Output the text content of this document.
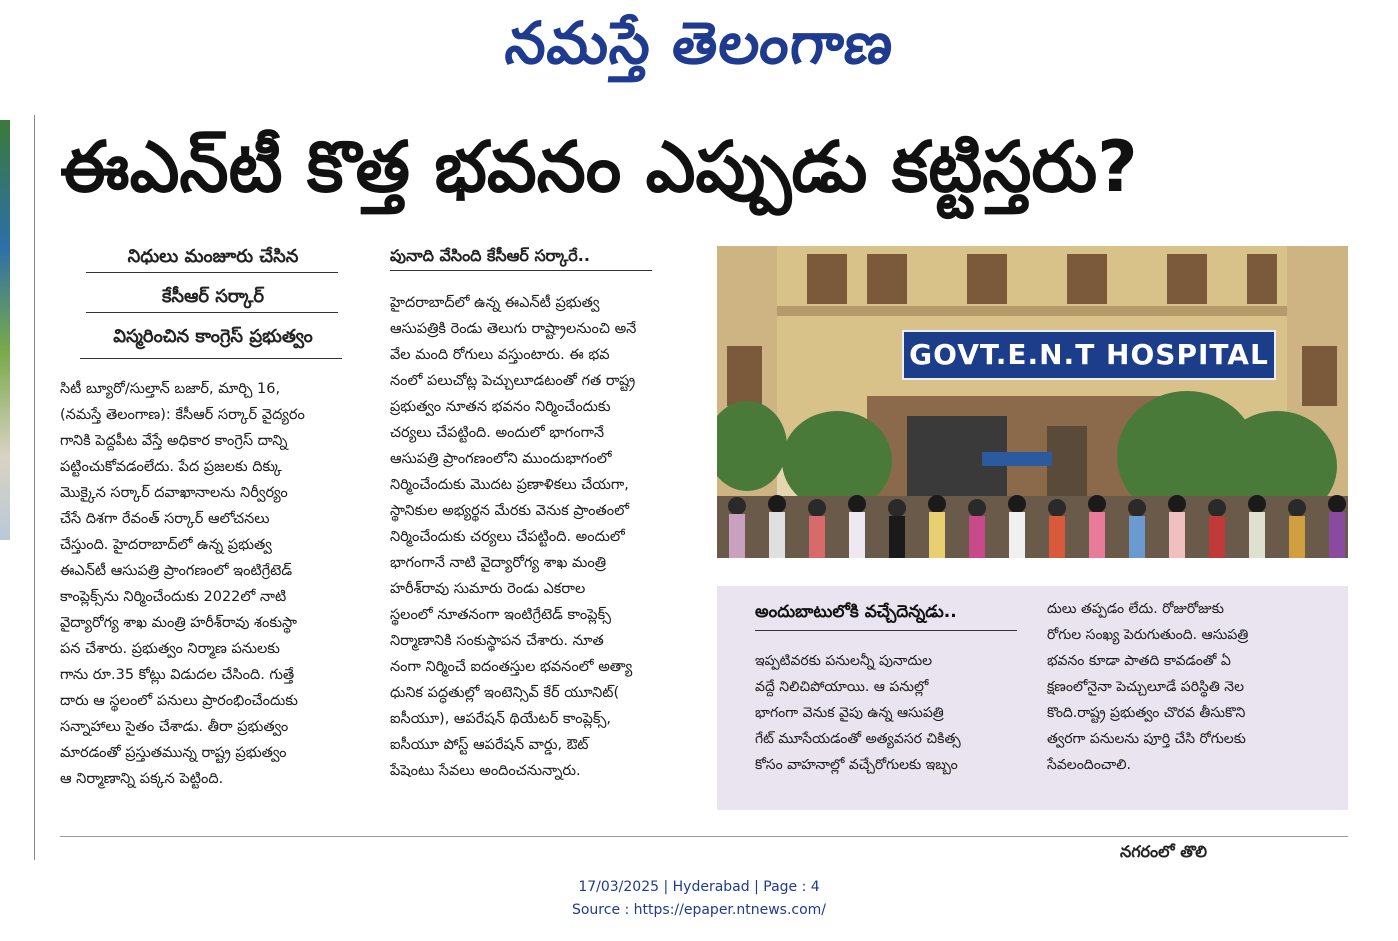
నమస్తే తెలంగాణ
ఈఎన్‌టీ కొత్త భవనం ఎప్పుడు కట్టిస్తరు?
నిధులు మంజూరు చేసిన
కేసీఆర్ సర్కార్
విస్మరించిన కాంగ్రెస్ ప్రభుత్వం

సిటీ బ్యూరో/సుల్తాన్ బజార్, మార్చి 16,

(నమస్తే తెలంగాణ): కేసీఆర్ సర్కార్ వైద్యరం

గానికి పెద్దపీట వేస్తే అధికార కాంగ్రెస్ దాన్ని

పట్టించుకోవడంలేదు. పేద ప్రజలకు దిక్కు

మొక్కైన సర్కార్ దవాఖానాలను నిర్వీర్యం

చేసే దిశగా రేవంత్ సర్కార్ ఆలోచనలు

చేస్తుంది. హైదరాబాద్‌లో ఉన్న ప్రభుత్వ

ఈఎన్‌టీ ఆసుపత్రి ప్రాంగణంలో ఇంటిగ్రేటెడ్

కాంప్లెక్స్‌ను నిర్మించేందుకు 2022లో నాటి

వైద్యారోగ్య శాఖ మంత్రి హరీశ్‌రావు శంకుస్థా

పన చేశారు. ప్రభుత్వం నిర్మాణ పనులకు

గాను రూ.35 కోట్లు విడుదల చేసింది. గుత్తే

దారు ఆ స్థలంలో పనులు ప్రారంభించేందుకు

సన్నాహాలు సైతం చేశాడు. తీరా ప్రభుత్వం

మారడంతో ప్రస్తుతమున్న రాష్ట్ర ప్రభుత్వం

ఆ నిర్మాణాన్ని పక్కన పెట్టింది.

పునాది వేసింది కేసీఆర్ సర్కారే..

హైదరాబాద్‌లో ఉన్న ఈఎన్‌టీ ప్రభుత్వ

ఆసుపత్రికి రెండు తెలుగు రాష్ట్రాలనుంచి అనే

వేల మంది రోగులు వస్తుంటారు. ఈ భవ

నంలో పలుచోట్ల పెచ్చులూడటంతో గత రాష్ట్ర

ప్రభుత్వం నూతన భవనం నిర్మించేందుకు

చర్యలు చేపట్టింది. అందులో భాగంగానే

ఆసుపత్రి ప్రాంగణంలోని ముందుభాగంలో

నిర్మించేందుకు మొదట ప్రణాళికలు చేయగా,

స్థానికుల అభ్యర్థన మేరకు వెనుక ప్రాంతంలో

నిర్మించేందుకు చర్యలు చేపట్టింది. అందులో

భాగంగానే నాటి వైద్యారోగ్య శాఖ మంత్రి

హరీశ్‌రావు సుమారు రెండు ఎకరాల

స్థలంలో నూతనంగా ఇంటిగ్రేటెడ్ కాంప్లెక్స్

నిర్మాణానికి సంకుస్థాపన చేశారు. నూత

నంగా నిర్మించే ఐదంతస్తుల భవనంలో అత్యా

ధునిక పద్ధతుల్లో ఇంటెన్సివ్ కేర్ యూనిట్(

ఐసీయూ), ఆపరేషన్ థియేటర్ కాంప్లెక్స్,

ఐసీయూ పోస్ట్ ఆపరేషన్ వార్డు, ఔట్

పేషెంటు సేవలు అందించనున్నారు.

GOVT.E.N.T HOSPITAL
అందుబాటులోకి వచ్చేదెన్నడు..

ఇప్పటివరకు పనులన్నీ పునాదుల

వద్దే నిలిచిపోయాయి. ఆ పనుల్లో

భాగంగా వెనుక వైపు ఉన్న ఆసుపత్రి

గేట్ మూసేయడంతో అత్యవసర చికిత్స

కోసం వాహనాల్లో వచ్చేరోగులకు ఇబ్బం

దులు తప్పడం లేదు. రోజురోజుకు

రోగుల సంఖ్య పెరుగుతుంది. ఆసుపత్రి

భవనం కూడా పాతది కావడంతో ఏ

క్షణంలోనైనా పెచ్చులూడే పరిస్థితి నెల

కొంది.రాష్ట్ర ప్రభుత్వం చొరవ తీసుకొని

త్వరగా పనులను పూర్తి చేసి రోగులకు

సేవలందించాలి.

నగరంలో తొలి
17/03/2025 | Hyderabad | Page : 4
Source : https://epaper.ntnews.com/
